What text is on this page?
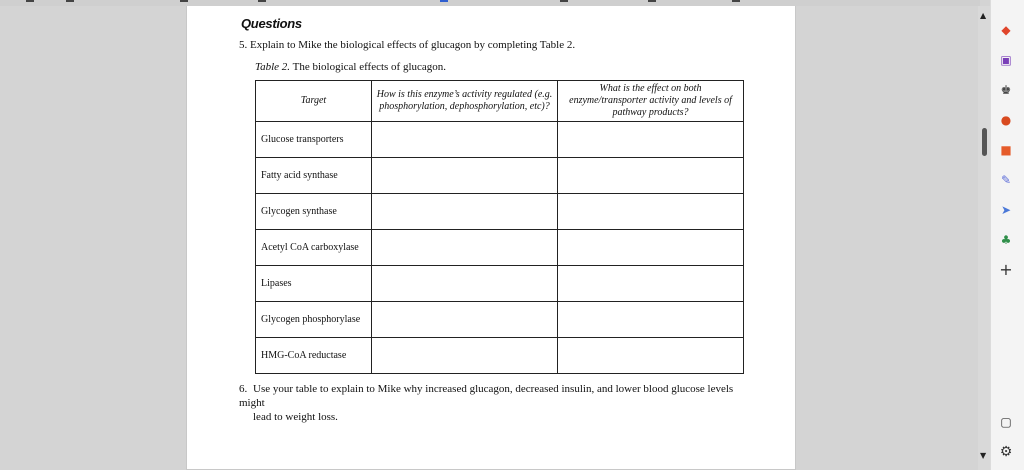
Questions
5. Explain to Mike the biological effects of glucagon by completing Table 2.
Table 2. The biological effects of glucagon.
Target	How is this enzyme’s activity regulated (e.g. phosphorylation, dephosphorylation, etc)?	What is the effect on both enzyme/transporter activity and levels of pathway products?
Glucose transporters		
Fatty acid synthase		
Glycogen synthase		
Acetyl CoA carboxylase		
Lipases		
Glycogen phosphorylase		
HMG-CoA reductase		
6. Use your table to explain to Mike why increased glucagon, decreased insulin, and lower blood glucose levels might
lead to weight loss.
▲
▼
◆
▣
♚
●
■
✎
➤
♣
+
▢
⚙
